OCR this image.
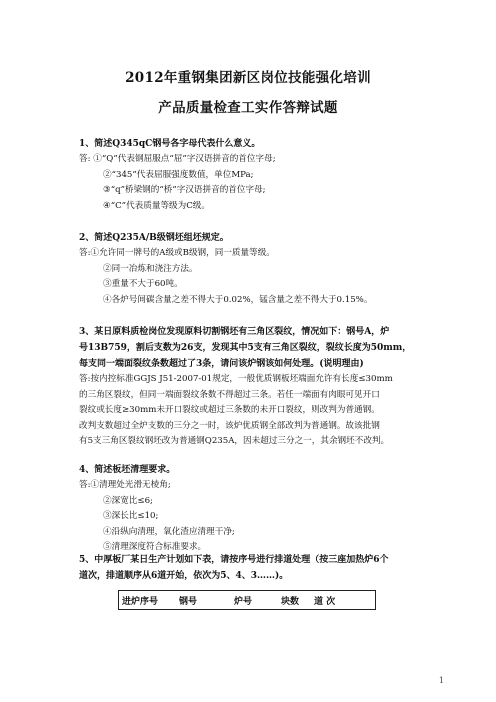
2012年重钢集团新区岗位技能强化培训
产品质量检查工实作答辩试题
1、简述Q345qC钢号各字母代表什么意义。
答: ①“Q”代表钢屈服点“屈”字汉语拼音的首位字母;
②“345”代表屈服强度数值，单位MPa;
③“q”桥梁钢的“桥”字汉语拼音的首位字母;
④“C”代表质量等级为C级。
2、简述Q235A/B级钢坯组坯规定。
答:①允许同一牌号的A级或B级钢，同一质量等级。
②同一冶炼和浇注方法。
③重量不大于60吨。
④各炉号间碳含量之差不得大于0.02%，锰含量之差不得大于0.15%。
3、某日原料质检岗位发现原料切割钢坯有三角区裂纹，情况如下：钢号A，炉
号13B759，割后支数为26支，发现其中5支有三角区裂纹，裂纹长度为50mm，
每支同一端面裂纹条数超过了3条，请问该炉钢该如何处理。(说明理由)
答:按内控标准GGJS J51-2007-01规定，一般优质钢板坯端面允许有长度≤30mm
的三角区裂纹，但同一端面裂纹条数不得超过三条。若任一端面有肉眼可见开口
裂纹或长度≥30mm未开口裂纹或超过三条数的未开口裂纹，则改判为普通钢。
改判支数超过全炉支数的三分之一时，该炉优质钢全部改判为普通钢。故该批钢
有5支三角区裂纹钢坯改为普通钢Q235A，因未超过三分之一，其余钢坯不改判。
4、简述板坯清理要求。
答:①清理处光滑无棱角;
②深宽比≤6;
③深长比≤10;
④沿纵向清理，氧化渣应清理干净;
⑤清理深度符合标准要求。
5、中厚板厂某日生产计划如下表，请按序号进行排道处理（按三座加热炉6个
道次，排道顺序从6道开始，依次为5、4、3……)。
进炉序号	钢号	炉号	块数	道 次
1
